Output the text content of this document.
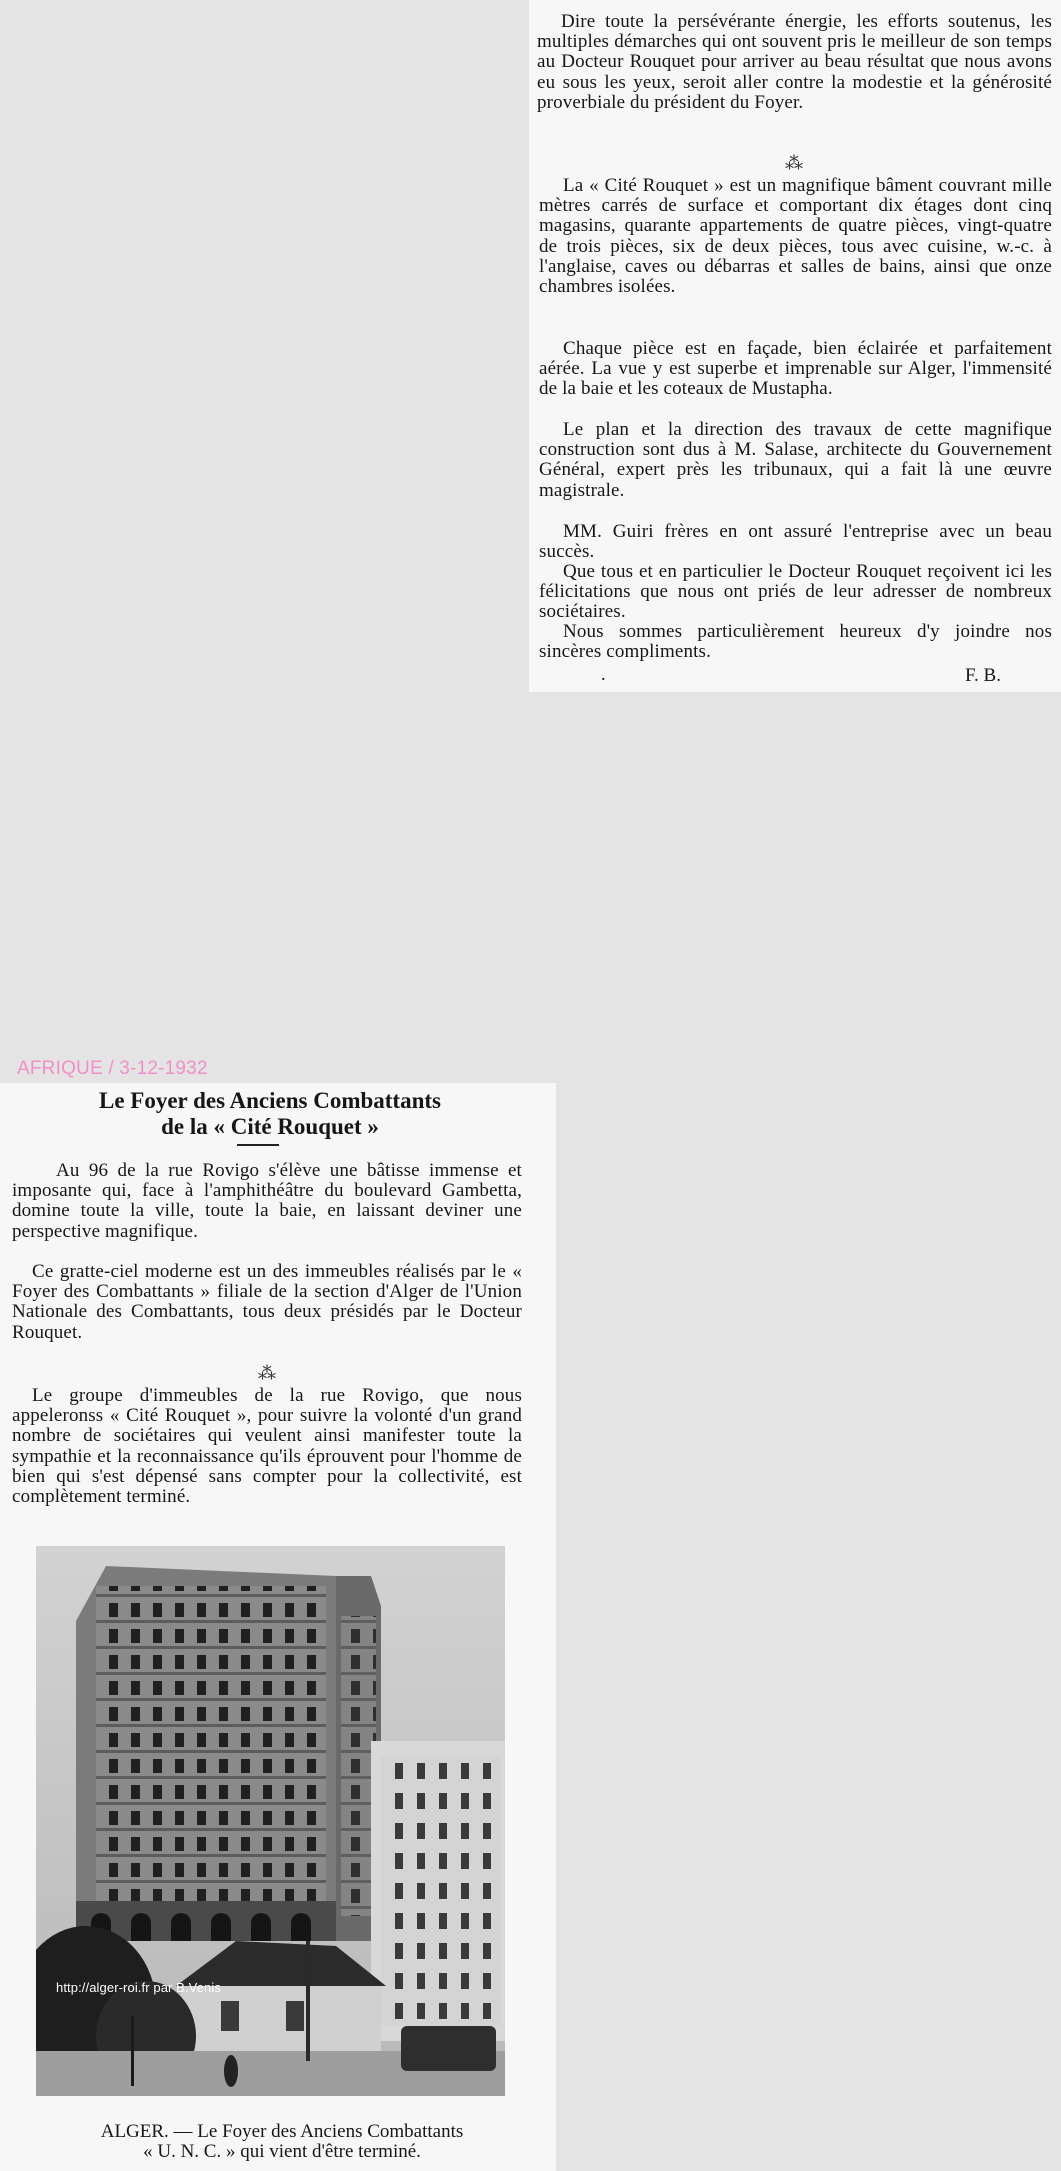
Dire toute la persévérante énergie, les efforts soutenus, les multiples démarches qui ont souvent pris le meilleur de son temps au Docteur Rouquet pour arriver au beau résultat que nous avons eu sous les yeux, seroit aller contre la modestie et la générosité proverbiale du président du Foyer.

⁂

La « Cité Rouquet » est un magnifique bâment couvrant mille mètres carrés de surface et comportant dix étages dont cinq magasins, quarante appartements de quatre pièces, vingt-quatre de trois pièces, six de deux pièces, tous avec cuisine, w.-c. à l'anglaise, caves ou débarras et salles de bains, ainsi que onze chambres isolées.

Chaque pièce est en façade, bien éclairée et parfaitement aérée. La vue y est superbe et imprenable sur Alger, l'immensité de la baie et les coteaux de Mustapha.

Le plan et la direction des travaux de cette magnifique construction sont dus à M. Salase, architecte du Gouvernement Général, expert près les tribunaux, qui a fait là une œuvre magistrale.

MM. Guiri frères en ont assuré l'entreprise avec un beau succès.

Que tous et en particulier le Docteur Rouquet reçoivent ici les félicitations que nous ont priés de leur adresser de nombreux sociétaires.

Nous sommes particulièrement heureux d'y joindre nos sincères compliments.

.	F. B.
AFRIQUE / 3-12-1932
Le Foyer des Anciens Combattants
de la « Cité Rouquet »

Au 96 de la rue Rovigo s'élève une bâtisse immense et imposante qui, face à l'amphithéâtre du boulevard Gambetta, domine toute la ville, toute la baie, en laissant deviner une perspective magnifique.

Ce gratte-ciel moderne est un des immeubles réalisés par le « Foyer des Combattants » filiale de la section d'Alger de l'Union Nationale des Combattants, tous deux présidés par le Docteur Rouquet.

⁂

Le groupe d'immeubles de la rue Rovigo, que nous appeleronss « Cité Rouquet », pour suivre la volonté d'un grand nombre de sociétaires qui veulent ainsi manifester toute la sympathie et la reconnaissance qu'ils éprouvent pour l'homme de bien qui s'est dépensé sans compter pour la collectivité, est complètement terminé.

http://alger-roi.fr par B.Venis
ALGER. — Le Foyer des Anciens Combattants
« U. N. C. » qui vient d'être terminé.
